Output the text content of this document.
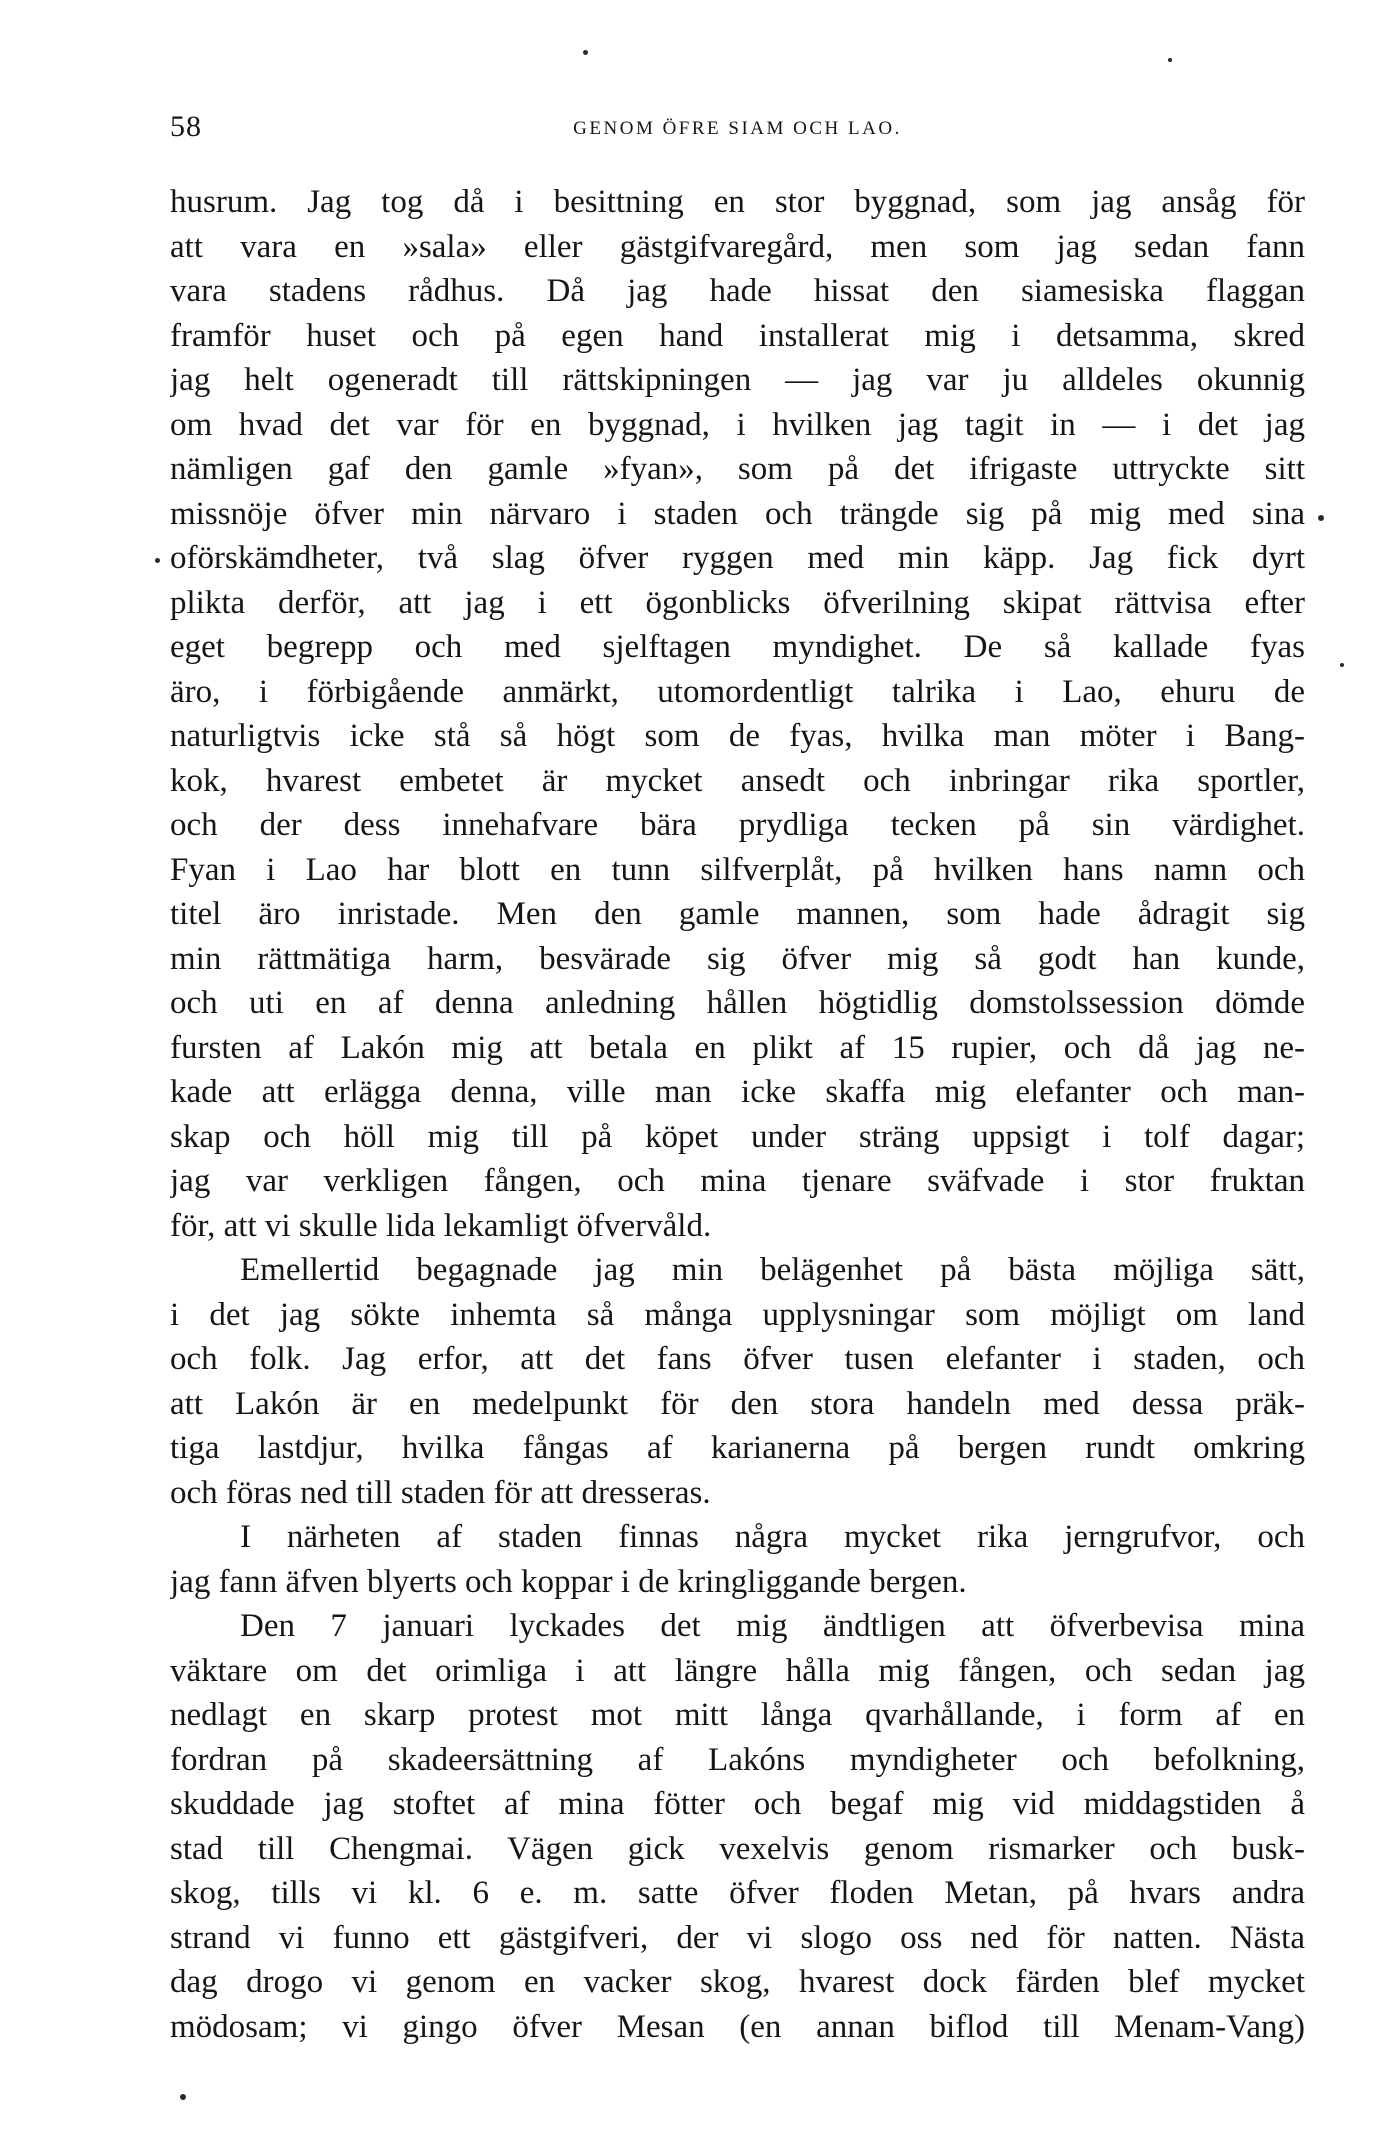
58	GENOM ÖFRE SIAM OCH LAO.
husrum. Jag tog då i besittning en stor byggnad, som jag ansåg för
att vara en »sala» eller gästgifvaregård, men som jag sedan fann
vara stadens rådhus. Då jag hade hissat den siamesiska flaggan
framför huset och på egen hand installerat mig i detsamma, skred
jag helt ogeneradt till rättskipningen — jag var ju alldeles okunnig
om hvad det var för en byggnad, i hvilken jag tagit in — i det jag
nämligen gaf den gamle »fyan», som på det ifrigaste uttryckte sitt
missnöje öfver min närvaro i staden och trängde sig på mig med sina
oförskämdheter, två slag öfver ryggen med min käpp. Jag fick dyrt
plikta derför, att jag i ett ögonblicks öfverilning skipat rättvisa efter
eget begrepp och med sjelftagen myndighet. De så kallade fyas
äro, i förbigående anmärkt, utomordentligt talrika i Lao, ehuru de
naturligtvis icke stå så högt som de fyas, hvilka man möter i Bang-
kok, hvarest embetet är mycket ansedt och inbringar rika sportler,
och der dess innehafvare bära prydliga tecken på sin värdighet.
Fyan i Lao har blott en tunn silfverplåt, på hvilken hans namn och
titel äro inristade. Men den gamle mannen, som hade ådragit sig
min rättmätiga harm, besvärade sig öfver mig så godt han kunde,
och uti en af denna anledning hållen högtidlig domstolssession dömde
fursten af Lakón mig att betala en plikt af 15 rupier, och då jag ne-
kade att erlägga denna, ville man icke skaffa mig elefanter och man-
skap och höll mig till på köpet under sträng uppsigt i tolf dagar;
jag var verkligen fången, och mina tjenare sväfvade i stor fruktan
för, att vi skulle lida lekamligt öfvervåld.
Emellertid begagnade jag min belägenhet på bästa möjliga sätt,
i det jag sökte inhemta så många upplysningar som möjligt om land
och folk. Jag erfor, att det fans öfver tusen elefanter i staden, och
att Lakón är en medelpunkt för den stora handeln med dessa präk-
tiga lastdjur, hvilka fångas af karianerna på bergen rundt omkring
och föras ned till staden för att dresseras.
I närheten af staden finnas några mycket rika jerngrufvor, och
jag fann äfven blyerts och koppar i de kringliggande bergen.
Den 7 januari lyckades det mig ändtligen att öfverbevisa mina
väktare om det orimliga i att längre hålla mig fången, och sedan jag
nedlagt en skarp protest mot mitt långa qvarhållande, i form af en
fordran på skadeersättning af Lakóns myndigheter och befolkning,
skuddade jag stoftet af mina fötter och begaf mig vid middagstiden å
stad till Chengmai. Vägen gick vexelvis genom rismarker och busk-
skog, tills vi kl. 6 e. m. satte öfver floden Metan, på hvars andra
strand vi funno ett gästgifveri, der vi slogo oss ned för natten. Nästa
dag drogo vi genom en vacker skog, hvarest dock färden blef mycket
mödosam; vi gingo öfver Mesan (en annan biflod till Menam-Vang)
